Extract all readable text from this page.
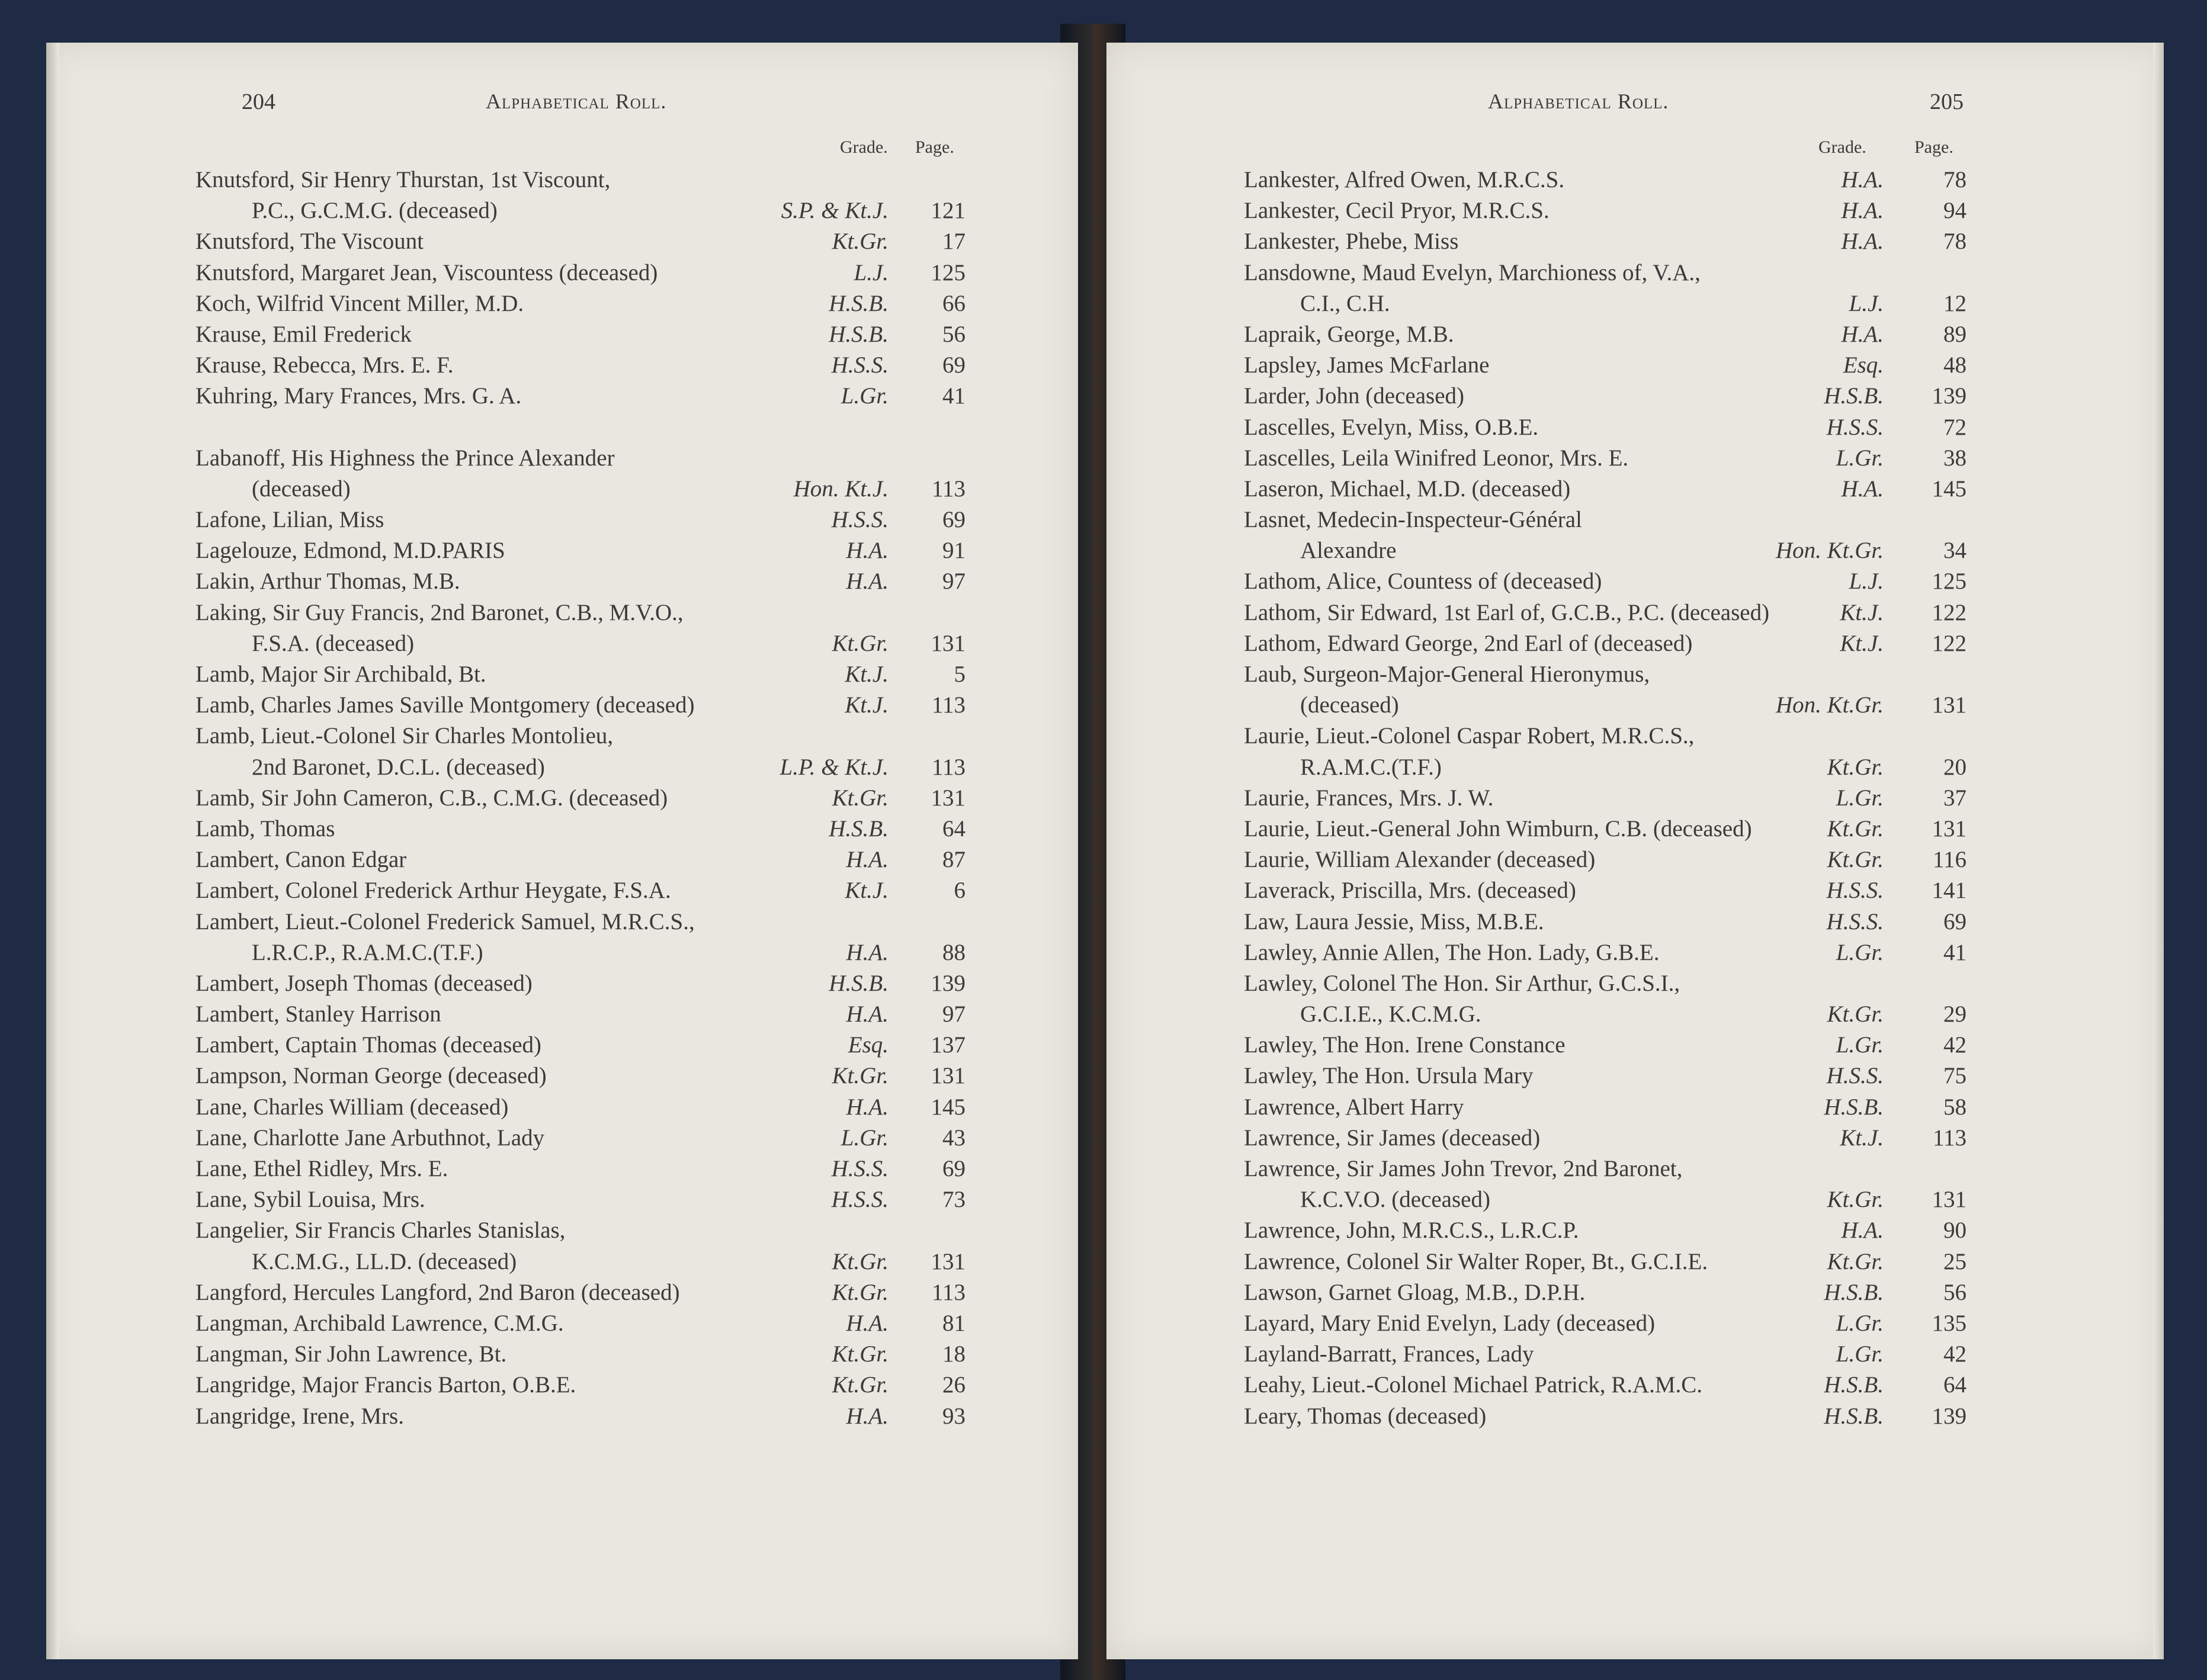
204	Alphabetical Roll.
Grade. Page.
Alphabetical Roll.	205
Grade.	Page.
Knutsford, Sir Henry Thurstan, 1st Viscount,
P.C., G.C.M.G. (deceased)	S.P. & Kt.J.	121
Knutsford, The Viscount	Kt.Gr.	17
Knutsford, Margaret Jean, Viscountess (deceased)	L.J.	125
Koch, Wilfrid Vincent Miller, M.D.	H.S.B.	66
Krause, Emil Frederick	H.S.B.	56
Krause, Rebecca, Mrs. E. F.	H.S.S.	69
Kuhring, Mary Frances, Mrs. G. A.	L.Gr.	41
Labanoff, His Highness the Prince Alexander
(deceased)	Hon. Kt.J.	113
Lafone, Lilian, Miss	H.S.S.	69
Lagelouze, Edmond, M.D.PARIS	H.A.	91
Lakin, Arthur Thomas, M.B.	H.A.	97
Laking, Sir Guy Francis, 2nd Baronet, C.B., M.V.O.,
F.S.A. (deceased)	Kt.Gr.	131
Lamb, Major Sir Archibald, Bt.	Kt.J.	5
Lamb, Charles James Saville Montgomery (deceased)	Kt.J.	113
Lamb, Lieut.-Colonel Sir Charles Montolieu,
2nd Baronet, D.C.L. (deceased)	L.P. & Kt.J.	113
Lamb, Sir John Cameron, C.B., C.M.G. (deceased)	Kt.Gr.	131
Lamb, Thomas	H.S.B.	64
Lambert, Canon Edgar	H.A.	87
Lambert, Colonel Frederick Arthur Heygate, F.S.A.	Kt.J.	6
Lambert, Lieut.-Colonel Frederick Samuel, M.R.C.S.,
L.R.C.P., R.A.M.C.(T.F.)	H.A.	88
Lambert, Joseph Thomas (deceased)	H.S.B.	139
Lambert, Stanley Harrison	H.A.	97
Lambert, Captain Thomas (deceased)	Esq.	137
Lampson, Norman George (deceased)	Kt.Gr.	131
Lane, Charles William (deceased)	H.A.	145
Lane, Charlotte Jane Arbuthnot, Lady	L.Gr.	43
Lane, Ethel Ridley, Mrs. E.	H.S.S.	69
Lane, Sybil Louisa, Mrs.	H.S.S.	73
Langelier, Sir Francis Charles Stanislas,
K.C.M.G., LL.D. (deceased)	Kt.Gr.	131
Langford, Hercules Langford, 2nd Baron (deceased)	Kt.Gr.	113
Langman, Archibald Lawrence, C.M.G.	H.A.	81
Langman, Sir John Lawrence, Bt.	Kt.Gr.	18
Langridge, Major Francis Barton, O.B.E.	Kt.Gr.	26
Langridge, Irene, Mrs.	H.A.	93
Lankester, Alfred Owen, M.R.C.S.	H.A.	78
Lankester, Cecil Pryor, M.R.C.S.	H.A.	94
Lankester, Phebe, Miss	H.A.	78
Lansdowne, Maud Evelyn, Marchioness of, V.A.,
C.I., C.H.	L.J.	12
Lapraik, George, M.B.	H.A.	89
Lapsley, James McFarlane	Esq.	48
Larder, John (deceased)	H.S.B.	139
Lascelles, Evelyn, Miss, O.B.E.	H.S.S.	72
Lascelles, Leila Winifred Leonor, Mrs. E.	L.Gr.	38
Laseron, Michael, M.D. (deceased)	H.A.	145
Lasnet, Medecin-Inspecteur-Général
Alexandre	Hon. Kt.Gr.	34
Lathom, Alice, Countess of (deceased)	L.J.	125
Lathom, Sir Edward, 1st Earl of, G.C.B., P.C. (deceased)	Kt.J.	122
Lathom, Edward George, 2nd Earl of (deceased)	Kt.J.	122
Laub, Surgeon-Major-General Hieronymus,
(deceased)	Hon. Kt.Gr.	131
Laurie, Lieut.-Colonel Caspar Robert, M.R.C.S.,
R.A.M.C.(T.F.)	Kt.Gr.	20
Laurie, Frances, Mrs. J. W.	L.Gr.	37
Laurie, Lieut.-General John Wimburn, C.B. (deceased)	Kt.Gr.	131
Laurie, William Alexander (deceased)	Kt.Gr.	116
Laverack, Priscilla, Mrs. (deceased)	H.S.S.	141
Law, Laura Jessie, Miss, M.B.E.	H.S.S.	69
Lawley, Annie Allen, The Hon. Lady, G.B.E.	L.Gr.	41
Lawley, Colonel The Hon. Sir Arthur, G.C.S.I.,
G.C.I.E., K.C.M.G.	Kt.Gr.	29
Lawley, The Hon. Irene Constance	L.Gr.	42
Lawley, The Hon. Ursula Mary	H.S.S.	75
Lawrence, Albert Harry	H.S.B.	58
Lawrence, Sir James (deceased)	Kt.J.	113
Lawrence, Sir James John Trevor, 2nd Baronet,
K.C.V.O. (deceased)	Kt.Gr.	131
Lawrence, John, M.R.C.S., L.R.C.P.	H.A.	90
Lawrence, Colonel Sir Walter Roper, Bt., G.C.I.E.	Kt.Gr.	25
Lawson, Garnet Gloag, M.B., D.P.H.	H.S.B.	56
Layard, Mary Enid Evelyn, Lady (deceased)	L.Gr.	135
Layland-Barratt, Frances, Lady	L.Gr.	42
Leahy, Lieut.-Colonel Michael Patrick, R.A.M.C.	H.S.B.	64
Leary, Thomas (deceased)	H.S.B.	139
